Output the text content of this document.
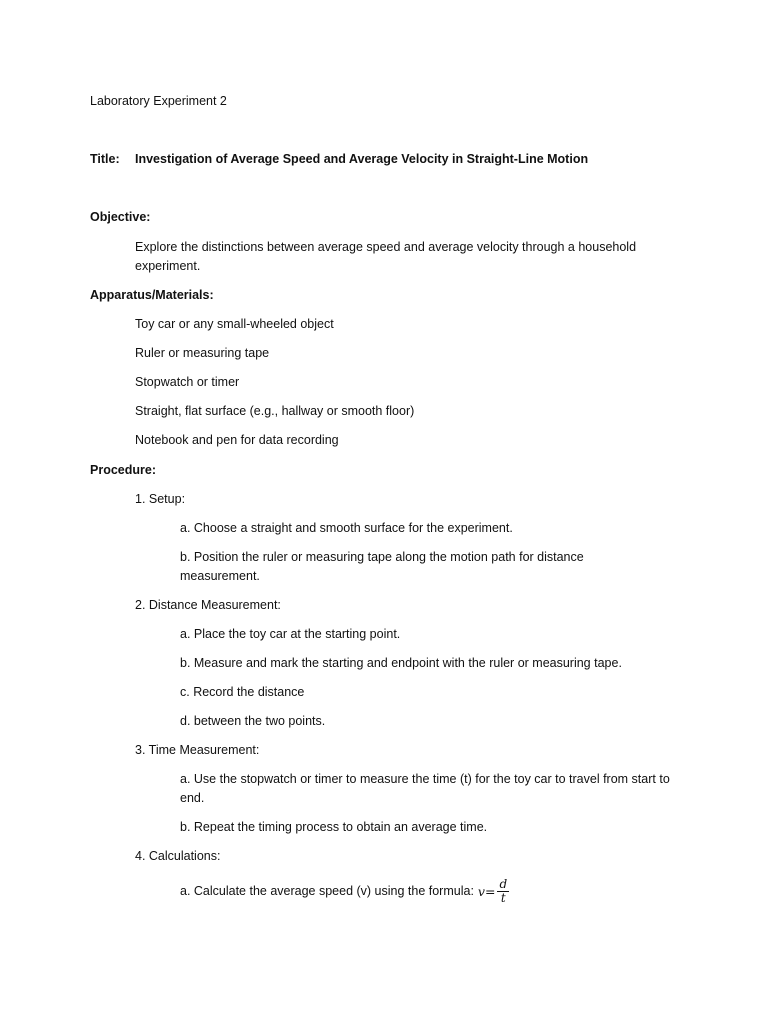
Laboratory Experiment 2
Title: Investigation of Average Speed and Average Velocity in Straight-Line Motion
Objective:
Explore the distinctions between average speed and average velocity through a household experiment.
Apparatus/Materials:
Toy car or any small-wheeled object
Ruler or measuring tape
Stopwatch or timer
Straight, flat surface (e.g., hallway or smooth floor)
Notebook and pen for data recording
Procedure:
1. Setup:
a. Choose a straight and smooth surface for the experiment.
b. Position the ruler or measuring tape along the motion path for distance measurement.
2. Distance Measurement:
a. Place the toy car at the starting point.
b. Measure and mark the starting and endpoint with the ruler or measuring tape.
c. Record the distance
d. between the two points.
3. Time Measurement:
a. Use the stopwatch or timer to measure the time (t) for the toy car to travel from start to end.
b. Repeat the timing process to obtain an average time.
4. Calculations:
a. Calculate the average speed (v) using the formula: $v = \frac{d}{t}$
